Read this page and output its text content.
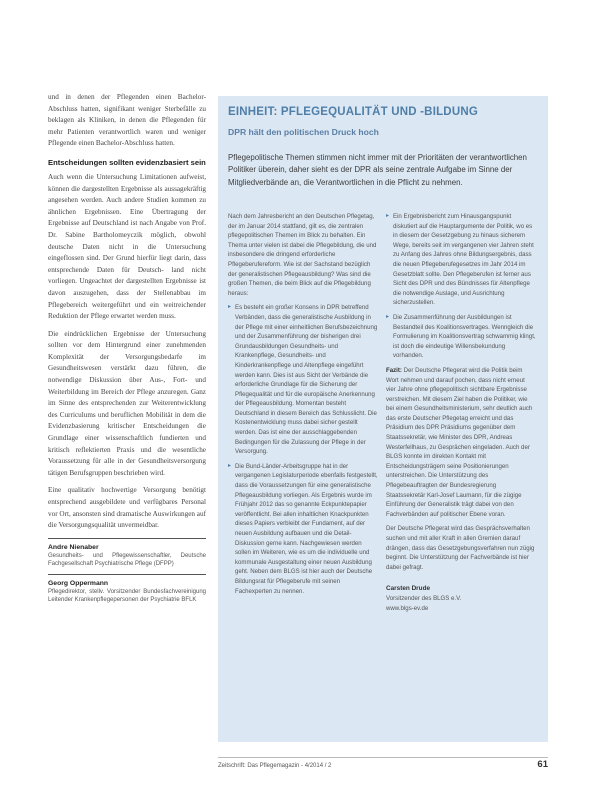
und in denen der Pflegenden einen Bachelor-Abschluss hatten, signifikant weniger Sterbefälle zu beklagen als Kliniken, in denen die Pflegenden für mehr Patienten verantwortlich waren und weniger Pflegende einen Bachelor-Abschluss hatten.

Entscheidungen sollten evidenzbasiert sein

Auch wenn die Untersuchung Limitationen aufweist, können die dargestellten Ergebnisse als aussagekräftig angesehen werden. Auch andere Studien kommen zu ähnlichen Ergebnissen. Eine Übertragung der Ergebnisse auf Deutschland ist nach Angabe von Prof. Dr. Sabine Bartholomeyczik möglich, obwohl deutsche Daten nicht in die Untersuchung eingeflossen sind. Der Grund hierfür liegt darin, dass entsprechende Daten für Deutsch- land nicht vorliegen. Ungeachtet der dargestellten Ergebnisse ist davon auszugehen, dass der Stellenabbau im Pflegebereich weitergeführt und ein weitreichender Reduktion der Pflege erwartet werden muss.

Die eindrücklichen Ergebnisse der Untersuchung sollten vor dem Hintergrund einer zunehmenden Komplexität der Versorgungsbedarfe im Gesundheitswesen verstärkt dazu führen, die notwendige Diskussion über Aus-, Fort- und Weiterbildung im Bereich der Pflege anzuregen. Ganz im Sinne des entsprechenden zur Weiterentwicklung des Curriculums und beruflichen Mobilität in dem die Evidenzbasierung kritischer Entscheidungen die Grundlage einer wissenschaftlich fundierten und kritisch reflektierten Praxis und die wesentliche Voraussetzung für alle in der Gesundheitsversorgung tätigen Berufsgruppen beschrieben wird.

Eine qualitativ hochwertige Versorgung benötigt entsprechend ausgebildete und verfügbares Personal vor Ort, ansonsten sind dramatische Auswirkungen auf die Versorgungsqualität unvermeidbar.

Andre Nienaber
Gesundheits- und Pflegewissenschaftler, Deutsche Fachgesellschaft Psychiatrische Pflege (DFPP)
Georg Oppermann
Pflegedirektor, stellv. Vorsitzender Bundesfachvereinigung Leitender Krankenpflegepersonen der Psychiatrie BFLK
EINHEIT: PFLEGEQUALITÄT UND -BILDUNG
DPR hält den politischen Druck hoch
Pflegepolitische Themen stimmen nicht immer mit der Prioritäten der verantwortlichen Politiker überein, daher sieht es der DPR als seine zentrale Aufgabe im Sinne der Mitgliedverbände an, die Verantwortlichen in die Pflicht zu nehmen.

Nach dem Jahresbericht an den Deutschen Pflegetag, der im Januar 2014 stattfand, gilt es, die zentralen pflegepolitischen Themen im Blick zu behalten. Ein Thema unter vielen ist dabei die Pflegebildung, die und insbesondere die dringend erforderliche Pflegeberufereform. Wie ist der Sachstand bezüglich der generalistischen Pflegeausbildung? Was sind die großen Themen, die beim Blick auf die Pflegebildung heraus:

▸ Es besteht ein großer Konsens in DPR betreffend Verbänden, dass die generalistische Ausbildung in der Pflege mit einer einheitlichen Berufsbezeichnung und der Zusammenführung der bisherigen drei Grundausbildungen Gesundheits- und Krankenpflege, Gesundheits- und Kinderkrankenpflege und Altenpflege eingeführt werden kann. Dies ist aus Sicht der Verbände die erforderliche Grundlage für die Sicherung der Pflegequalität und für die europäische Anerkennung der Pflegeausbildung. Momentan besteht Deutschland in diesem Bereich das Schlusslicht. Die Kostenentwicklung muss dabei sicher gestellt werden. Das ist eine der ausschlaggebenden Bedingungen für die Zulassung der Pflege in der Versorgung.
▸ Die Bund-Länder-Arbeitsgruppe hat in der vergangenen Legislaturperiode ebenfalls festgestellt, dass die Voraussetzungen für eine generalistische Pflegeausbildung vorliegen. Als Ergebnis wurde im Frühjahr 2012 das so genannte Eckpunktepapier veröffentlicht. Bei allen inhaltlichen Knackpunkten dieses Papiers verbleibt der Fundament, auf der neuen Ausbildung aufbauen und die Detail-Diskussion gerne kann. Nachgewiesen werden sollen im Weiteren, wie es um die individuelle und kommunale Ausgestaltung einer neuen Ausbildung geht. Neben dem BLGS ist hier auch der Deutsche Bildungsrat für Pflegeberufe mit seinen Fachexperten zu nennen.
▸ Ein Ergebnisbericht zum Hinausgangspunkt diskutiert auf die Hauptargumente der Politik, wo es in diesem der Gesetzgebung zu hinaus sicherem Wege, bereits seit im vergangenen vier Jahren steht zu Anfang des Jahres ohne Bildungsergebnis, dass die neuen Pflegeberufegesetzes im Jahr 2014 im Gesetzblatt sollte. Den Pflegeberufen ist ferner aus Sicht des DPR und des Bündnisses für Altenpflege die notwendige Auslage, und Ausrichtung sicherzustellen.
▸ Die Zusammenführung der Ausbildungen ist Bestandteil des Koalitionsvertrages. Wenngleich die Formulierung im Koalitionsvertrag schwammig klingt, ist doch die eindeutige Willensbekundung vorhanden.

Fazit: Der Deutsche Pflegerat wird die Politik beim Wort nehmen und darauf pochen, dass nicht erneut vier Jahre ohne pflegepolitisch sichtbare Ergebnisse verstreichen. Mit diesem Ziel haben die Politiker, wie bei einem Gesundheitsministerium, sehr deutlich auch das erste Deutscher Pflegetag erreicht und das Präsidium des DPR Präsidiums gegenüber dem Staatssekretär, wie Minister des DPR, Andreas Westerfellhaus, zu Gesprächen eingeladen. Auch der BLGS konnte im direkten Kontakt mit Entscheidungsträgern seine Positionierungen unterstreichen. Die Unterstützung des Pflegebeauftragten der Bundesregierung Staatssekretär Karl-Josef Laumann, für die zügige Einführung der Generalistik trägt dabei von den Fachverbänden auf politischer Ebene voran.

Der Deutsche Pflegerat wird das Gesprächsverhalten suchen und mit aller Kraft in allen Gremien darauf drängen, dass das Gesetzgebungsverfahren nun zügig beginnt. Die Unterstützung der Fachverbände ist hier dabei gefragt.

Carsten Drude
Vorsitzender des BLGS e.V.
www.blgs-ev.de
Zeitschrift: Das Pflegemagazin - 4/2014 / 2	61
